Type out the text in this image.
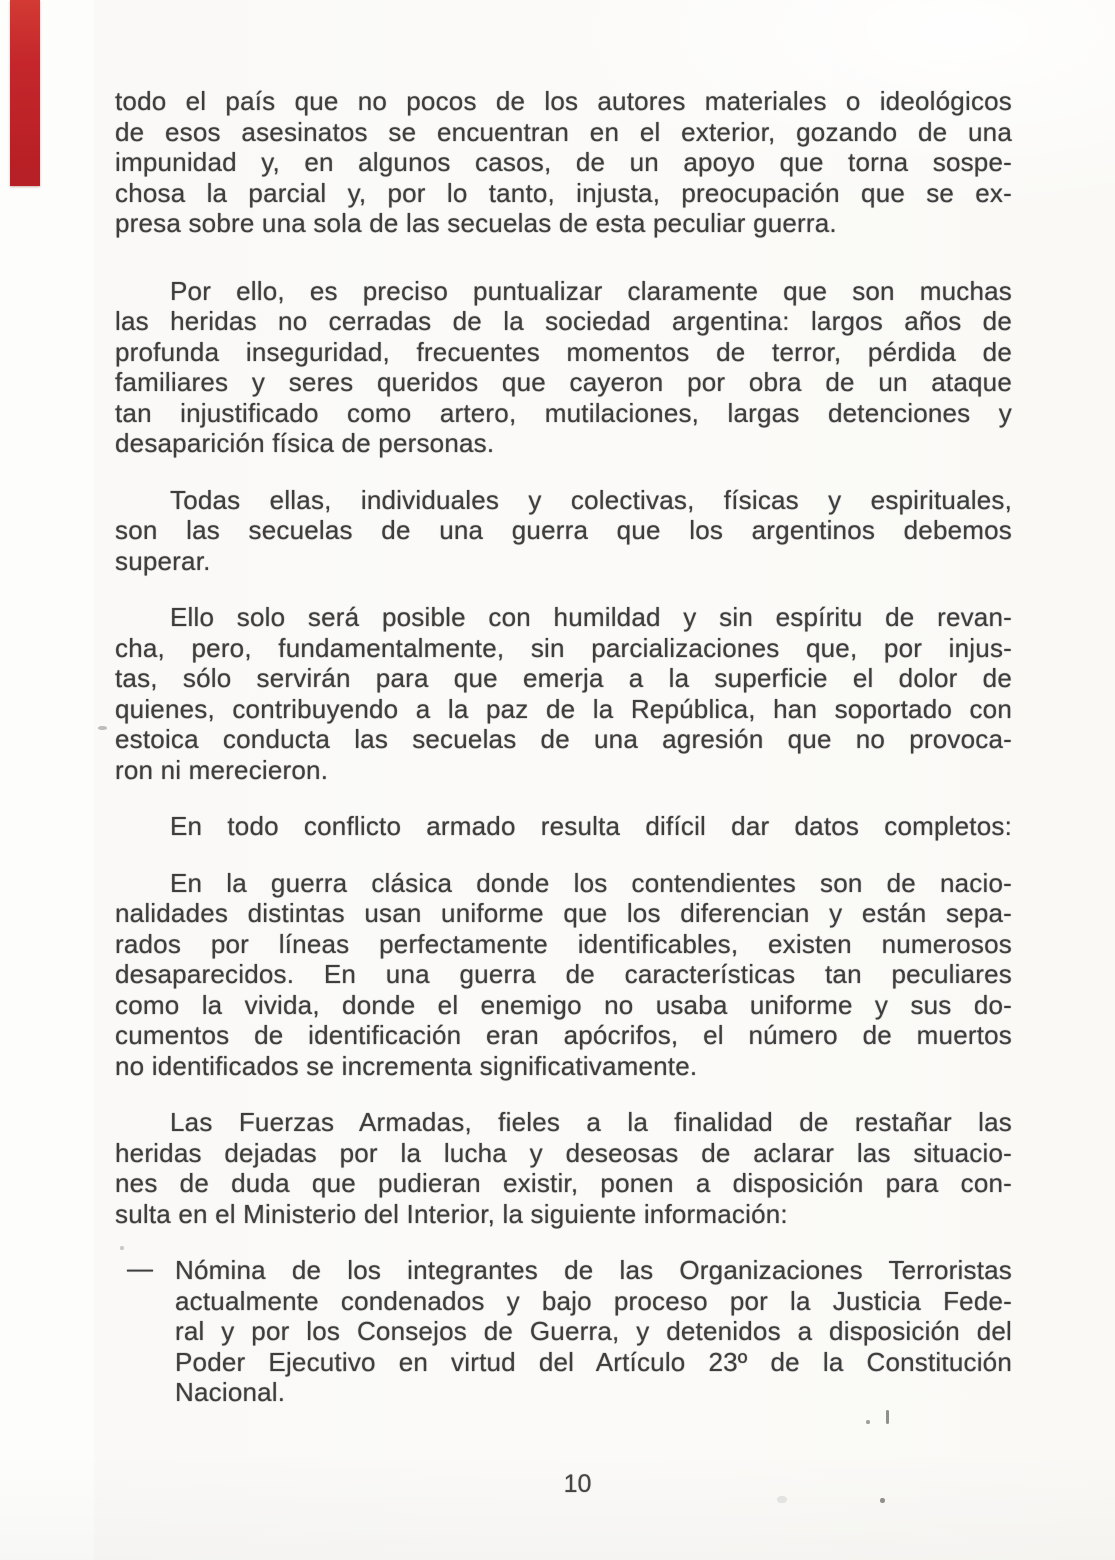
todo el país que no pocos de los autores materiales o ideológicos
de esos asesinatos se encuentran en el exterior, gozando de una
impunidad y, en algunos casos, de un apoyo que torna sospe-
chosa la parcial y, por lo tanto, injusta, preocupación que se ex-
presa sobre una sola de las secuelas de esta peculiar guerra.
Por ello, es preciso puntualizar claramente que son muchas
las heridas no cerradas de la sociedad argentina: largos años de
profunda inseguridad, frecuentes momentos de terror, pérdida de
familiares y seres queridos que cayeron por obra de un ataque
tan injustificado como artero, mutilaciones, largas detenciones y
desaparición física de personas.
Todas ellas, individuales y colectivas, físicas y espirituales,
son las secuelas de una guerra que los argentinos debemos
superar.
Ello solo será posible con humildad y sin espíritu de revan-
cha, pero, fundamentalmente, sin parcializaciones que, por injus-
tas, sólo servirán para que emerja a la superficie el dolor de
quienes, contribuyendo a la paz de la República, han soportado con
estoica conducta las secuelas de una agresión que no provoca-
ron ni merecieron.
En todo conflicto armado resulta difícil dar datos completos:
En la guerra clásica donde los contendientes son de nacio-
nalidades distintas usan uniforme que los diferencian y están sepa-
rados por líneas perfectamente identificables, existen numerosos
desaparecidos. En una guerra de características tan peculiares
como la vivida, donde el enemigo no usaba uniforme y sus do-
cumentos de identificación eran apócrifos, el número de muertos
no identificados se incrementa significativamente.
Las Fuerzas Armadas, fieles a la finalidad de restañar las
heridas dejadas por la lucha y deseosas de aclarar las situacio-
nes de duda que pudieran existir, ponen a disposición para con-
sulta en el Ministerio del Interior, la siguiente información:
— Nómina de los integrantes de las Organizaciones Terroristas
actualmente condenados y bajo proceso por la Justicia Fede-
ral y por los Consejos de Guerra, y detenidos a disposición del
Poder Ejecutivo en virtud del Artículo 23º de la Constitución
Nacional.
10
